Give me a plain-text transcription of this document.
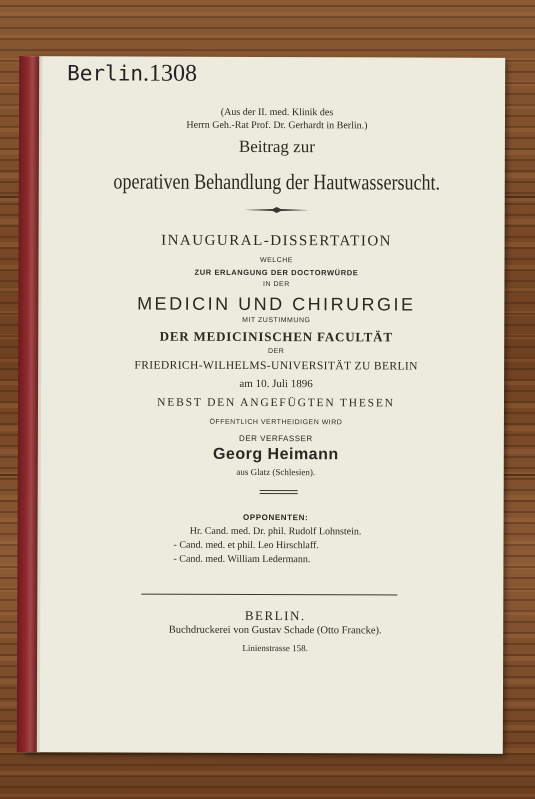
Berlin.1308
(Aus der II. med. Klinik des
Herrn Geh.-Rat Prof. Dr. Gerhardt in Berlin.)
Beitrag zur
operativen Behandlung der Hautwassersucht.
INAUGURAL-DISSERTATION
WELCHE
ZUR ERLANGUNG DER DOCTORWÜRDE
IN DER
MEDICIN UND CHIRURGIE
MIT ZUSTIMMUNG
DER MEDICINISCHEN FACULTÄT
DER
FRIEDRICH-WILHELMS-UNIVERSITÄT ZU BERLIN
am 10. Juli 1896
NEBST DEN ANGEFÜGTEN THESEN
ÖFFENTLICH VERTHEIDIGEN WIRD
DER VERFASSER
Georg Heimann
aus Glatz (Schlesien).
OPPONENTEN:
Hr. Cand. med. Dr. phil. Rudolf Lohnstein.
- Cand. med. et phil. Leo Hirschlaff.
- Cand. med. William Ledermann.
BERLIN.
Buchdruckerei von Gustav Schade (Otto Francke).
Linienstrasse 158.
